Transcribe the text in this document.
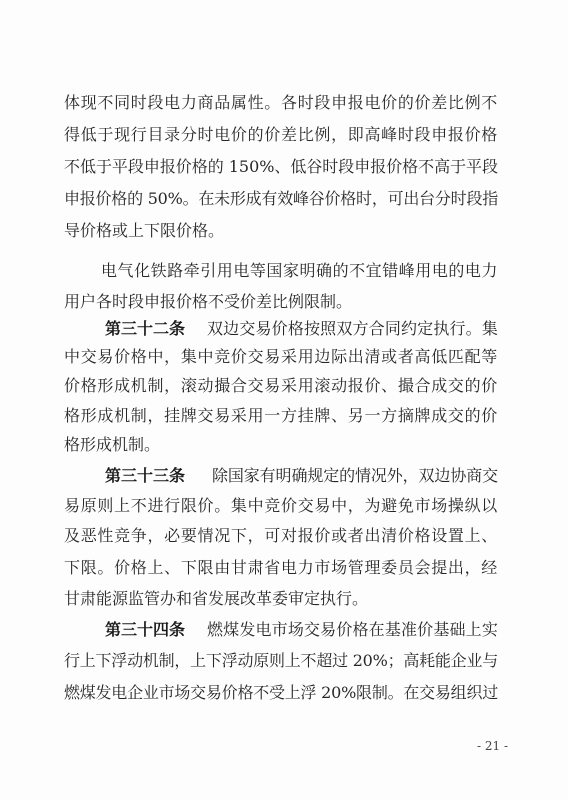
体现不同时段电力商品属性。各时段申报电价的价差比例不
得低于现行目录分时电价的价差比例，即高峰时段申报价格
不低于平段申报价格的 150%、低谷时段申报价格不高于平段
申报价格的 50%。在未形成有效峰谷价格时，可出台分时段指
导价格或上下限价格。
电气化铁路牵引用电等国家明确的不宜错峰用电的电力
用户各时段申报价格不受价差比例限制。
第三十二条 双边交易价格按照双方合同约定执行。集
中交易价格中，集中竞价交易采用边际出清或者高低匹配等
价格形成机制，滚动撮合交易采用滚动报价、撮合成交的价
格形成机制，挂牌交易采用一方挂牌、另一方摘牌成交的价
格形成机制。
第三十三条 除国家有明确规定的情况外，双边协商交
易原则上不进行限价。集中竞价交易中，为避免市场操纵以
及恶性竞争，必要情况下，可对报价或者出清价格设置上、
下限。价格上、下限由甘肃省电力市场管理委员会提出，经
甘肃能源监管办和省发展改革委审定执行。
第三十四条 燃煤发电市场交易价格在基准价基础上实
行上下浮动机制，上下浮动原则上不超过 20%；高耗能企业与
燃煤发电企业市场交易价格不受上浮 20%限制。在交易组织过
- 21 -
